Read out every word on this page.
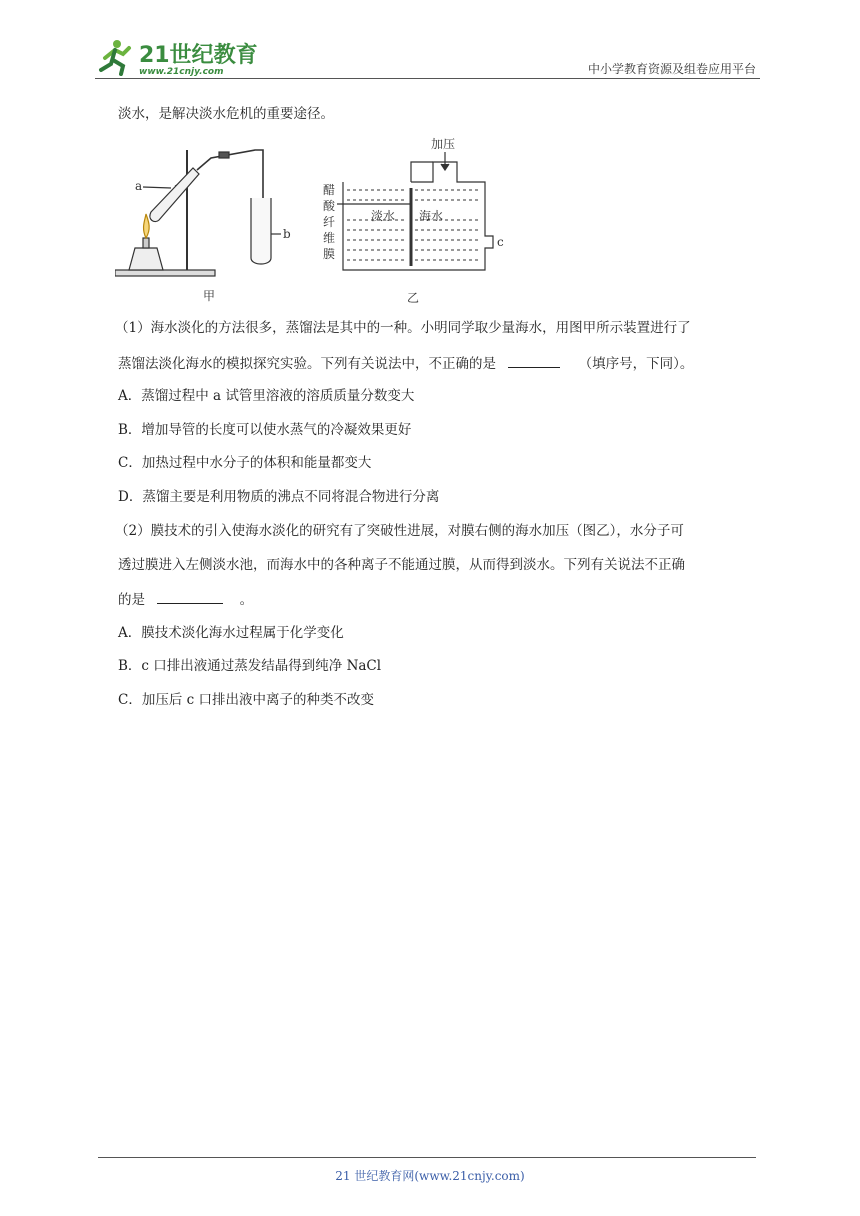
21世纪教育
www.21cnjy.com	中小学教育资源及组卷应用平台
淡水，是解决淡水危机的重要途径。
a
b
甲
加压
淡水 海水
c
醋
酸
纤
维
膜
乙
（1）海水淡化的方法很多，蒸馏法是其中的一种。小明同学取少量海水，用图甲所示装置进行了
蒸馏法淡化海水的模拟探究实验。下列有关说法中，不正确的是	（填序号，下同）。
A．蒸馏过程中 a 试管里溶液的溶质质量分数变大
B．增加导管的长度可以使水蒸气的冷凝效果更好
C．加热过程中水分子的体积和能量都变大
D．蒸馏主要是利用物质的沸点不同将混合物进行分离
（2）膜技术的引入使海水淡化的研究有了突破性进展，对膜右侧的海水加压（图乙），水分子可
透过膜进入左侧淡水池，而海水中的各种离子不能通过膜，从而得到淡水。下列有关说法不正确
的是	。
A．膜技术淡化海水过程属于化学变化
B．c 口排出液通过蒸发结晶得到纯净 NaCl
C．加压后 c 口排出液中离子的种类不改变
21 世纪教育网(www.21cnjy.com)
